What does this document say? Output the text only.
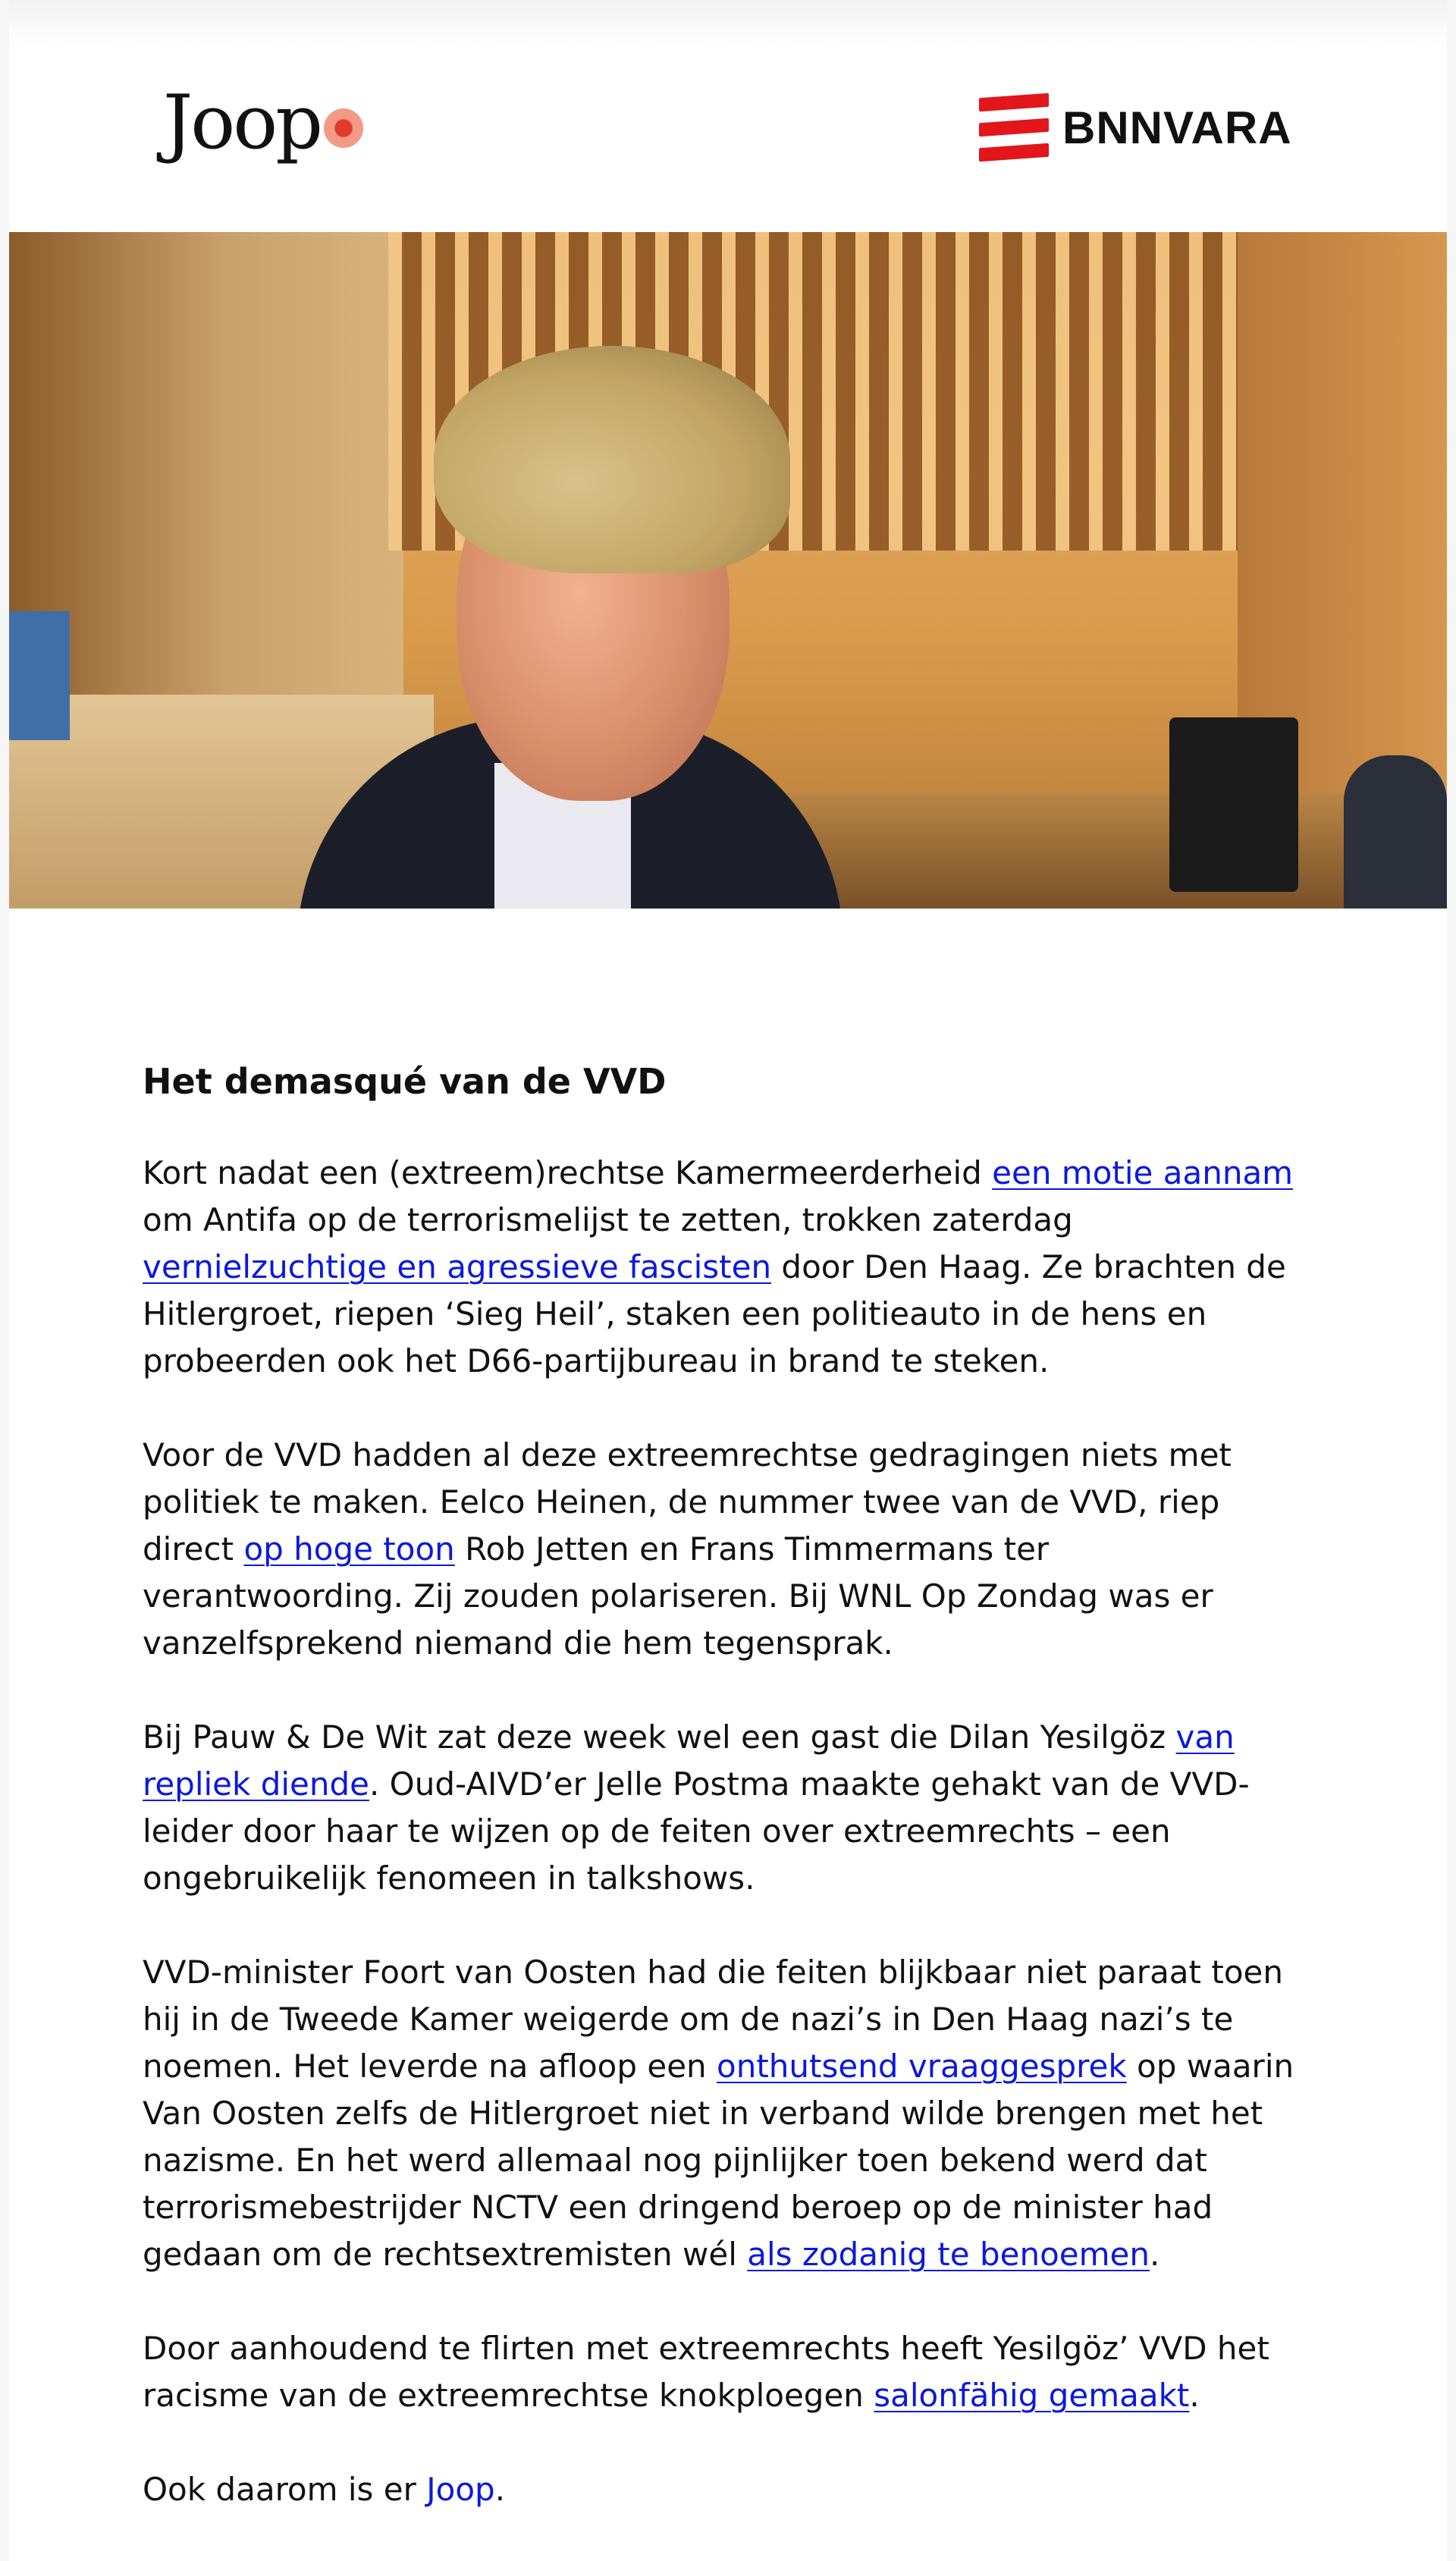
Joop	BNNVARA
Het demasqué van de VVD

Kort nadat een (extreem)rechtse Kamermeerderheid een motie aannam om Antifa op de terrorismelijst te zetten, trokken zaterdag vernielzuchtige en agressieve fascisten door Den Haag. Ze brachten de Hitlergroet, riepen ‘Sieg Heil’, staken een politieauto in de hens en probeerden ook het D66-partijbureau in brand te steken.

Voor de VVD hadden al deze extreemrechtse gedragingen niets met politiek te maken. Eelco Heinen, de nummer twee van de VVD, riep direct op hoge toon Rob Jetten en Frans Timmermans ter verantwoording. Zij zouden polariseren. Bij WNL Op Zondag was er vanzelfsprekend niemand die hem tegensprak.

Bij Pauw & De Wit zat deze week wel een gast die Dilan Yesilgöz van repliek diende. Oud-AIVD’er Jelle Postma maakte gehakt van de VVD-leider door haar te wijzen op de feiten over extreemrechts – een ongebruikelijk fenomeen in talkshows.

VVD-minister Foort van Oosten had die feiten blijkbaar niet paraat toen hij in de Tweede Kamer weigerde om de nazi’s in Den Haag nazi’s te noemen. Het leverde na afloop een onthutsend vraaggesprek op waarin Van Oosten zelfs de Hitlergroet niet in verband wilde brengen met het nazisme. En het werd allemaal nog pijnlijker toen bekend werd dat terrorismebestrijder NCTV een dringend beroep op de minister had gedaan om de rechtsextremisten wél als zodanig te benoemen.

Door aanhoudend te flirten met extreemrechts heeft Yesilgöz’ VVD het racisme van de extreemrechtse knokploegen salonfähig gemaakt.

Ook daarom is er Joop.
